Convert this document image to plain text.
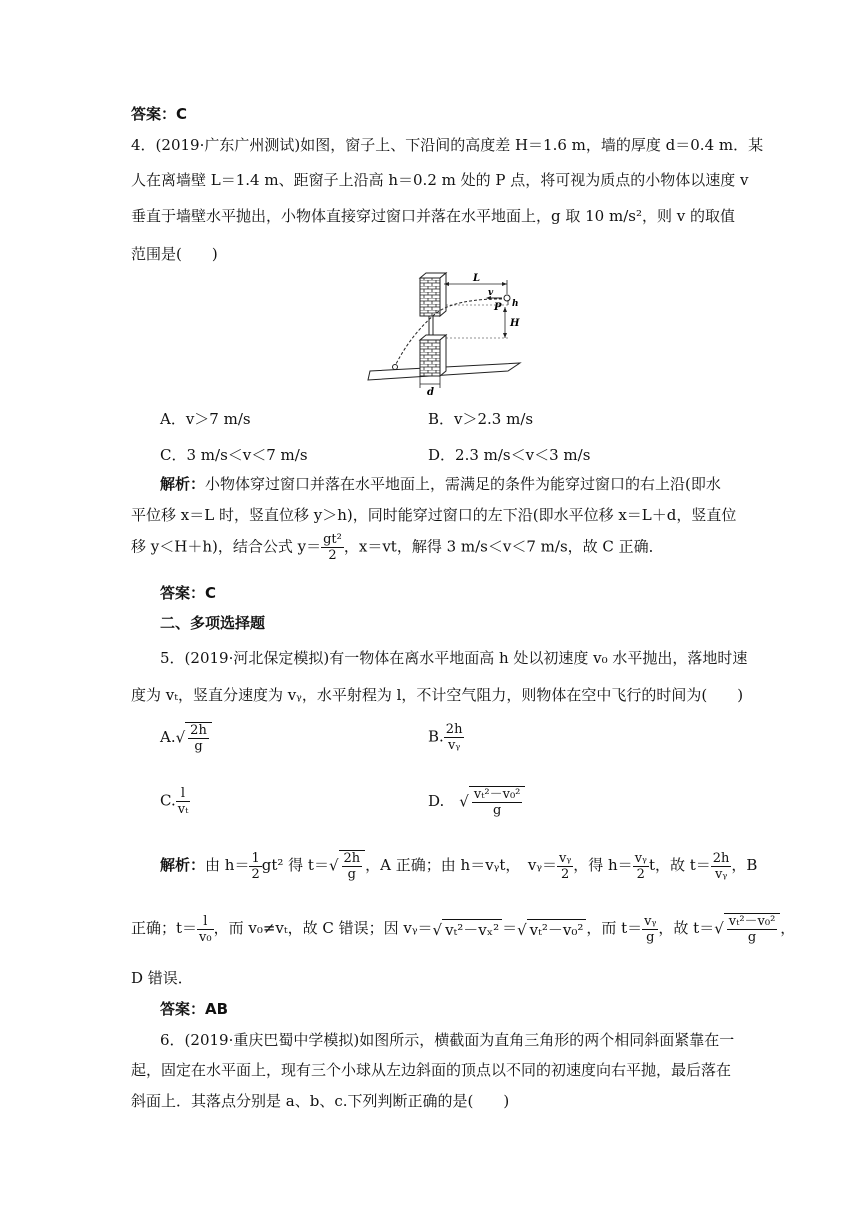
答案：C
4．(2019·广东广州测试)如图，窗子上、下沿间的高度差 H＝1.6 m，墙的厚度 d＝0.4 m．某
人在离墙壁 L＝1.4 m、距窗子上沿高 h＝0.2 m 处的 P 点，将可视为质点的小物体以速度 v
垂直于墙壁水平抛出，小物体直接穿过窗口并落在水平地面上，g 取 10 m/s²，则 v 的取值
范围是(　　)
L
v
P h
H
d
A．v＞7 m/s	B．v＞2.3 m/s
C．3 m/s＜v＜7 m/s	D．2.3 m/s＜v＜3 m/s
解析：小物体穿过窗口并落在水平地面上，需满足的条件为能穿过窗口的右上沿(即水
平位移 x＝L 时，竖直位移 y＞h)，同时能穿过窗口的左下沿(即水平位移 x＝L＋d，竖直位
移 y＜H＋h)，结合公式 $y= \frac{\text{gt²}}{2}$ ，x＝vt，解得 3 m/s＜v＜7 m/s，故 C 正确．
答案：C
二、多项选择题
5．(2019·河北保定模拟)有一物体在离水平地面高 h 处以初速度 v₀ 水平抛出，落地时速
度为 vₜ，竖直分速度为 vᵧ，水平射程为 l，不计空气阻力，则物体在空中飞行的时间为(　　)
$A.√ \frac{2h}{g}$	B. $\frac{2h}{\text{vᵧ}}$
C. $\frac{l}{\text{vₜ}}$	D.　 √ $\frac{\text{vₜ²－v₀²}}{g}$
解析：由 $h= \frac{1}{2} gt^2$ 得 $t=√ \frac{2h}{g}$ ，A 正确；由 h＝vᵧt，　 vᵧ＝ $\frac{\text{vᵧ}}{2}$ ，得 $h= \frac{\text{vᵧ}}{2}$ t，故 $t= \frac{2h}{\text{vᵧ}}$ ，B
正确；$t= \frac{l}{\text{v₀}}$ ，而 v₀≠vₜ，故 C 错误；因 vᵧ＝√ vₜ²－vₓ² ＝√ vₜ²－v₀² ，而 $t= \frac{\text{vᵧ}}{g}$ ，故 $t=√ \frac{\text{vₜ²－v₀²}}{g}$ ，
D 错误．
答案：AB
6．(2019·重庆巴蜀中学模拟)如图所示，横截面为直角三角形的两个相同斜面紧靠在一
起，固定在水平面上，现有三个小球从左边斜面的顶点以不同的初速度向右平抛，最后落在
斜面上．其落点分别是 a、b、c.下列判断正确的是(　　)
